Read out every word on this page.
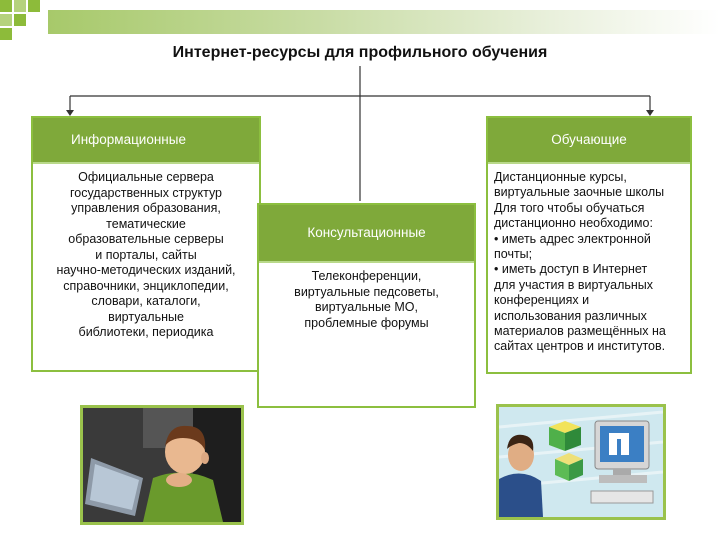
Интернет-ресурсы для профильного обучения
Информационные
Официальные сервера
государственных структур
управления образования,
тематические
образовательные серверы
и порталы, сайты
научно-методических изданий,
справочники, энциклопедии,
словари, каталоги,
виртуальные
библиотеки, периодика
Консультационные
Телеконференции,
виртуальные педсоветы,
виртуальные МО,
проблемные форумы
Обучающие
Дистанционные курсы,
виртуальные заочные школы
Для того чтобы обучаться
дистанционно необходимо:
• иметь адрес электронной
почты;
• иметь доступ в Интернет
для участия в виртуальных
конференциях и
использования различных
материалов размещённых на
сайтах центров и институтов.
